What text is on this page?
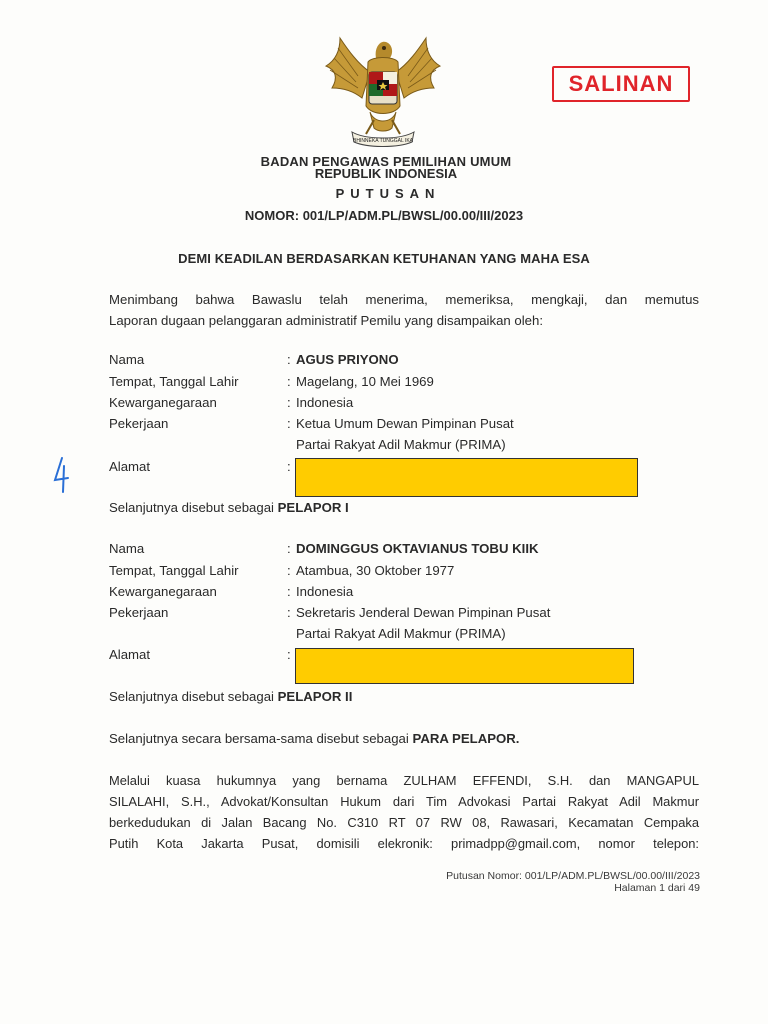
BHINNEKA TUNGGAL IKA
SALINAN
BADAN PENGAWAS PEMILIHAN UMUM
REPUBLIK INDONESIA
PUTUSAN
NOMOR: 001/LP/ADM.PL/BWSL/00.00/III/2023
DEMI KEADILAN BERDASARKAN KETUHANAN YANG MAHA ESA
Menimbang bahwa Bawaslu telah menerima, memeriksa, mengkaji, dan memutus
Laporan dugaan pelanggaran administratif Pemilu yang disampaikan oleh:
Nama	: AGUS PRIYONO
Tempat, Tanggal Lahir	: Magelang, 10 Mei 1969
Kewarganegaraan	: Indonesia
Pekerjaan	: Ketua Umum Dewan Pimpinan Pusat
Partai Rakyat Adil Makmur (PRIMA)
Alamat	:
Selanjutnya disebut sebagai PELAPOR I
Nama	: DOMINGGUS OKTAVIANUS TOBU KIIK
Tempat, Tanggal Lahir	: Atambua, 30 Oktober 1977
Kewarganegaraan	: Indonesia
Pekerjaan	: Sekretaris Jenderal Dewan Pimpinan Pusat
Partai Rakyat Adil Makmur (PRIMA)
Alamat	:
Selanjutnya disebut sebagai PELAPOR II
Selanjutnya secara bersama-sama disebut sebagai PARA PELAPOR.
Melalui kuasa hukumnya yang bernama ZULHAM EFFENDI, S.H. dan MANGAPUL
SILALAHI, S.H., Advokat/Konsultan Hukum dari Tim Advokasi Partai Rakyat Adil Makmur
berkedudukan di Jalan Bacang No. C310 RT 07 RW 08, Rawasari, Kecamatan Cempaka
Putih Kota Jakarta Pusat, domisili elekronik: primadpp@gmail.com, nomor telepon:
Putusan Nomor: 001/LP/ADM.PL/BWSL/00.00/III/2023
Halaman 1 dari 49
